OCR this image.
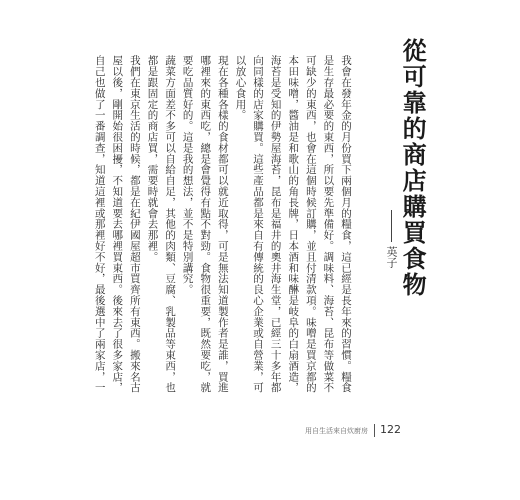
從可靠的商店購買食物
英子

我會在發年金的月份買下兩個月的糧食，這已經是長年來的習慣。糧食是生存最必要的東西，所以要先準備好。調味料、海苔、昆布等做菜不可缺少的東西，也會在這個時候訂購，並且付清款項。味噌是買京都的本田味噌，醬油是和歌山的角長牌，日本酒和味醂是岐阜的白扇酒造，海苔是受知的伊勢屋海苔，昆布是福井的奧井海生堂，已經三十多年都向同樣的店家購買。這些產品都是來自有傳統的良心企業或自營業，可以放心食用。

現在各種各樣的食材都可以就近取得，可是無法知道製作者是誰，買進哪裡來的東西吃，總是會覺得有點不對勁。食物很重要，既然要吃，就要吃品質好的。這是我的想法，並不是特別講究。

蔬菜方面差不多可以自給自足，其他的肉類、豆腐、乳製品等東西，也都是跟固定的商店買，需要時就會去那裡。

我們在東京生活的時候，都是在紀伊國屋超市買齊所有東西。搬來名古屋以後，剛開始很困擾，不知道要去哪裡買東西。後來去了很多家店，自己也做了一番調查，知道這裡或那裡好不好，最後選中了兩家店，一

用自生活來自炊廚房 122
